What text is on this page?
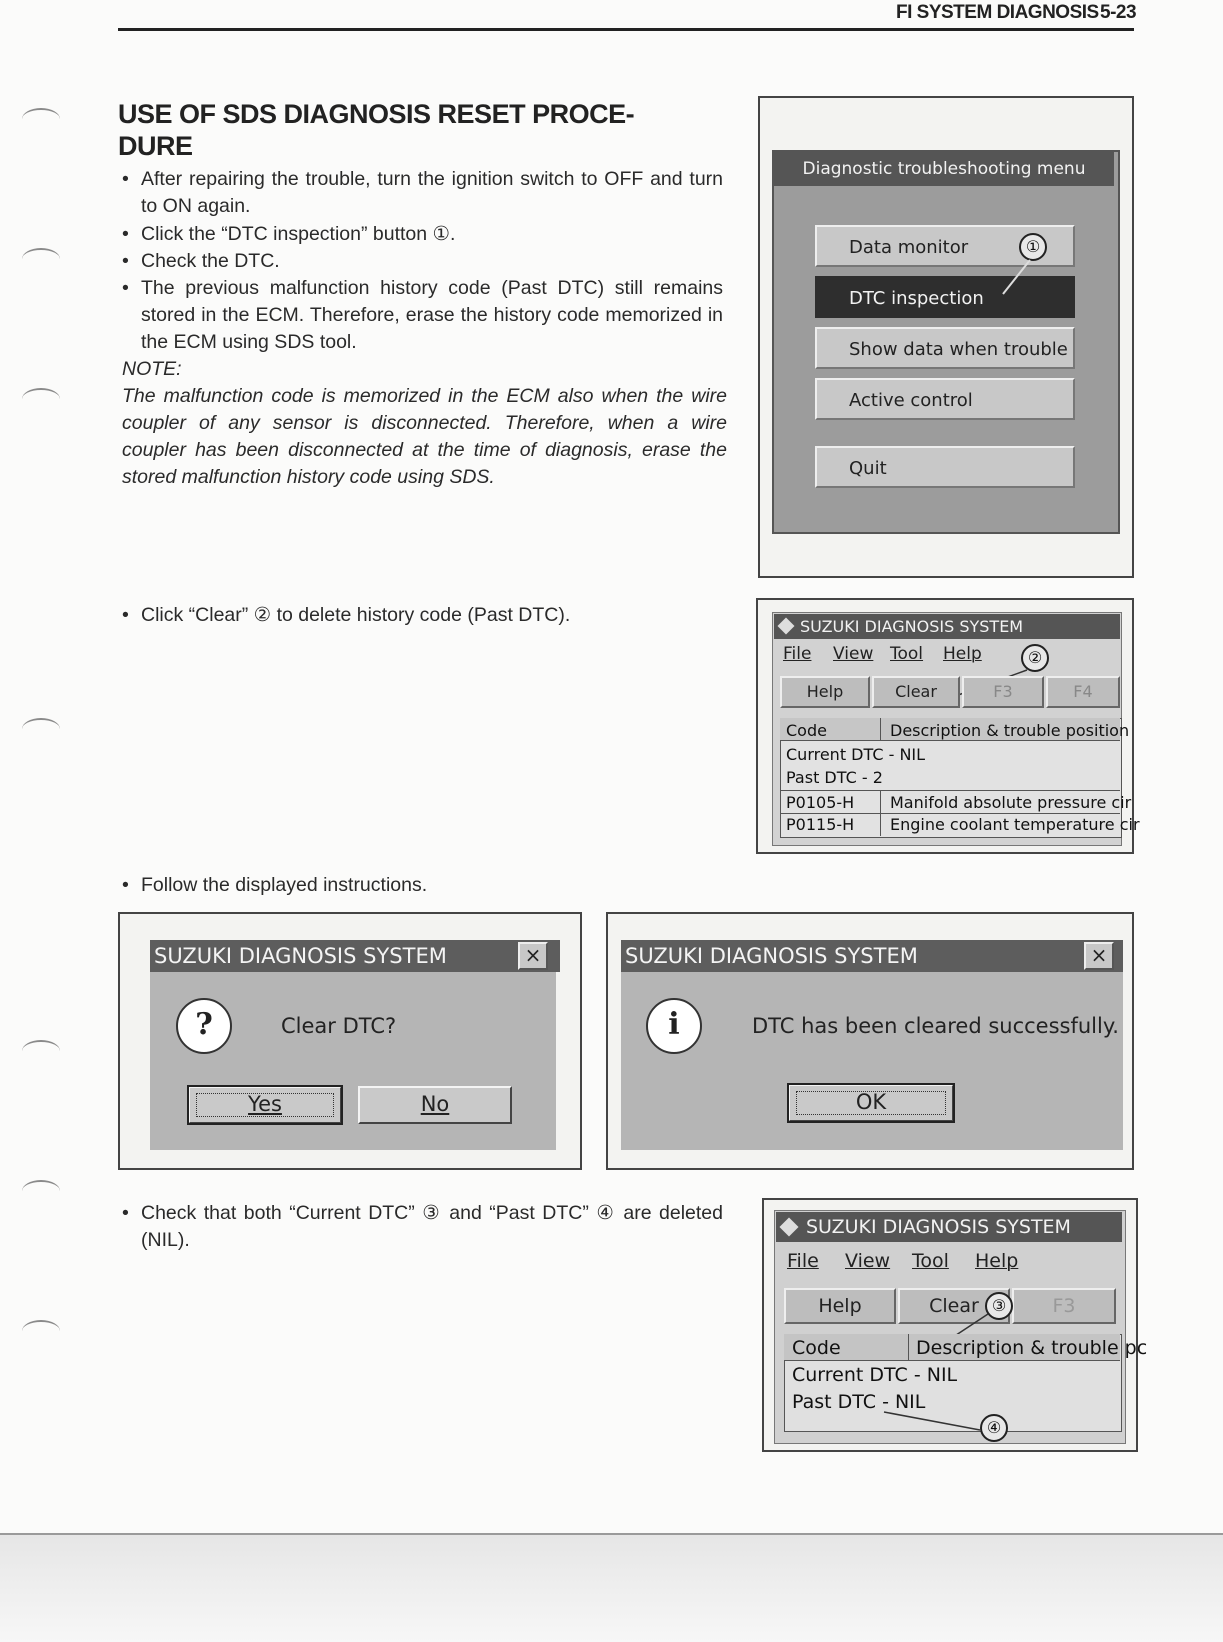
FI SYSTEM DIAGNOSIS 5-23
USE OF SDS DIAGNOSIS RESET PROCE-
DURE
• After repairing the trouble, turn the ignition switch to OFF and turn to ON again.
• Click the “DTC inspection” button ①.
• Check the DTC.
• The previous malfunction history code (Past DTC) still remains stored in the ECM. Therefore, erase the history code memorized in the ECM using SDS tool.
NOTE:
The malfunction code is memorized in the ECM also when the wire coupler of any sensor is disconnected. Therefore, when a wire coupler has been disconnected at the time of diagnosis, erase the stored malfunction history code using SDS.
Diagnostic troubleshooting menu
Data monitor
DTC inspection
Show data when trouble
Active control
Quit
①
• Click “Clear” ② to delete history code (Past DTC).
SUZUKI DIAGNOSIS SYSTEM
File View Tool Help	②
Help	Clear	F3	F4
Code	Description & trouble position
Current DTC - NIL
Past DTC - 2
P0105-H Manifold absolute pressure cir
P0115-H Engine coolant temperature cir
• Follow the displayed instructions.
SUZUKI DIAGNOSIS SYSTEM	×
?	Clear DTC?
Yes	No
SUZUKI DIAGNOSIS SYSTEM	×
i	DTC has been cleared successfully.
OK
• Check that both “Current DTC” ③ and “Past DTC” ④ are deleted (NIL).
SUZUKI DIAGNOSIS SYSTEM
File View Tool Help
Help	Clear	F3
③
Code	Description & trouble pc
Current DTC - NIL
Past DTC - NIL
④
